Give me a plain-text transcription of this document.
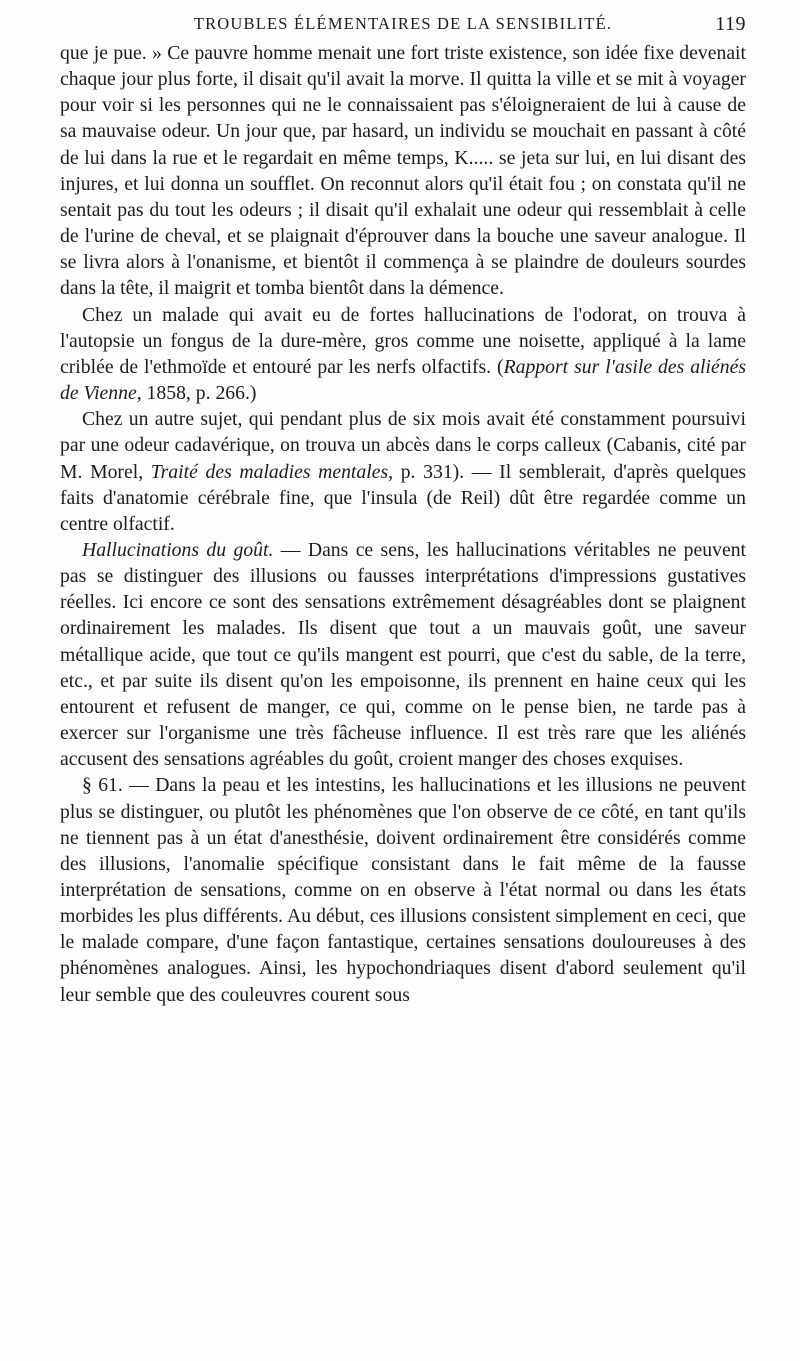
TROUBLES ÉLÉMENTAIRES DE LA SENSIBILITÉ.	119

que je pue. » Ce pauvre homme menait une fort triste existence, son idée fixe devenait chaque jour plus forte, il disait qu'il avait la morve. Il quitta la ville et se mit à voyager pour voir si les personnes qui ne le connaissaient pas s'éloigneraient de lui à cause de sa mauvaise odeur. Un jour que, par hasard, un individu se mouchait en passant à côté de lui dans la rue et le regardait en même temps, K..... se jeta sur lui, en lui disant des injures, et lui donna un soufflet. On reconnut alors qu'il était fou ; on constata qu'il ne sentait pas du tout les odeurs ; il disait qu'il exhalait une odeur qui ressemblait à celle de l'urine de cheval, et se plaignait d'éprouver dans la bouche une saveur analogue. Il se livra alors à l'onanisme, et bientôt il commença à se plaindre de douleurs sourdes dans la tête, il maigrit et tomba bientôt dans la démence.

Chez un malade qui avait eu de fortes hallucinations de l'odorat, on trouva à l'autopsie un fongus de la dure-mère, gros comme une noisette, appliqué à la lame criblée de l'ethmoïde et entouré par les nerfs olfactifs. (Rapport sur l'asile des aliénés de Vienne, 1858, p. 266.)

Chez un autre sujet, qui pendant plus de six mois avait été constamment poursuivi par une odeur cadavérique, on trouva un abcès dans le corps calleux (Cabanis, cité par M. Morel, Traité des maladies mentales, p. 331). — Il semblerait, d'après quelques faits d'anatomie cérébrale fine, que l'insula (de Reil) dût être regardée comme un centre olfactif.

Hallucinations du goût. — Dans ce sens, les hallucinations véritables ne peuvent pas se distinguer des illusions ou fausses interprétations d'impressions gustatives réelles. Ici encore ce sont des sensations extrêmement désagréables dont se plaignent ordinairement les malades. Ils disent que tout a un mauvais goût, une saveur métallique acide, que tout ce qu'ils mangent est pourri, que c'est du sable, de la terre, etc., et par suite ils disent qu'on les empoisonne, ils prennent en haine ceux qui les entourent et refusent de manger, ce qui, comme on le pense bien, ne tarde pas à exercer sur l'organisme une très fâcheuse influence. Il est très rare que les aliénés accusent des sensations agréables du goût, croient manger des choses exquises.

§ 61. — Dans la peau et les intestins, les hallucinations et les illusions ne peuvent plus se distinguer, ou plutôt les phénomènes que l'on observe de ce côté, en tant qu'ils ne tiennent pas à un état d'anesthésie, doivent ordinairement être considérés comme des illusions, l'anomalie spécifique consistant dans le fait même de la fausse interprétation de sensations, comme on en observe à l'état normal ou dans les états morbides les plus différents. Au début, ces illusions consistent simplement en ceci, que le malade compare, d'une façon fantastique, certaines sensations douloureuses à des phénomènes analogues. Ainsi, les hypochondriaques disent d'abord seulement qu'il leur semble que des couleuvres courent sous
